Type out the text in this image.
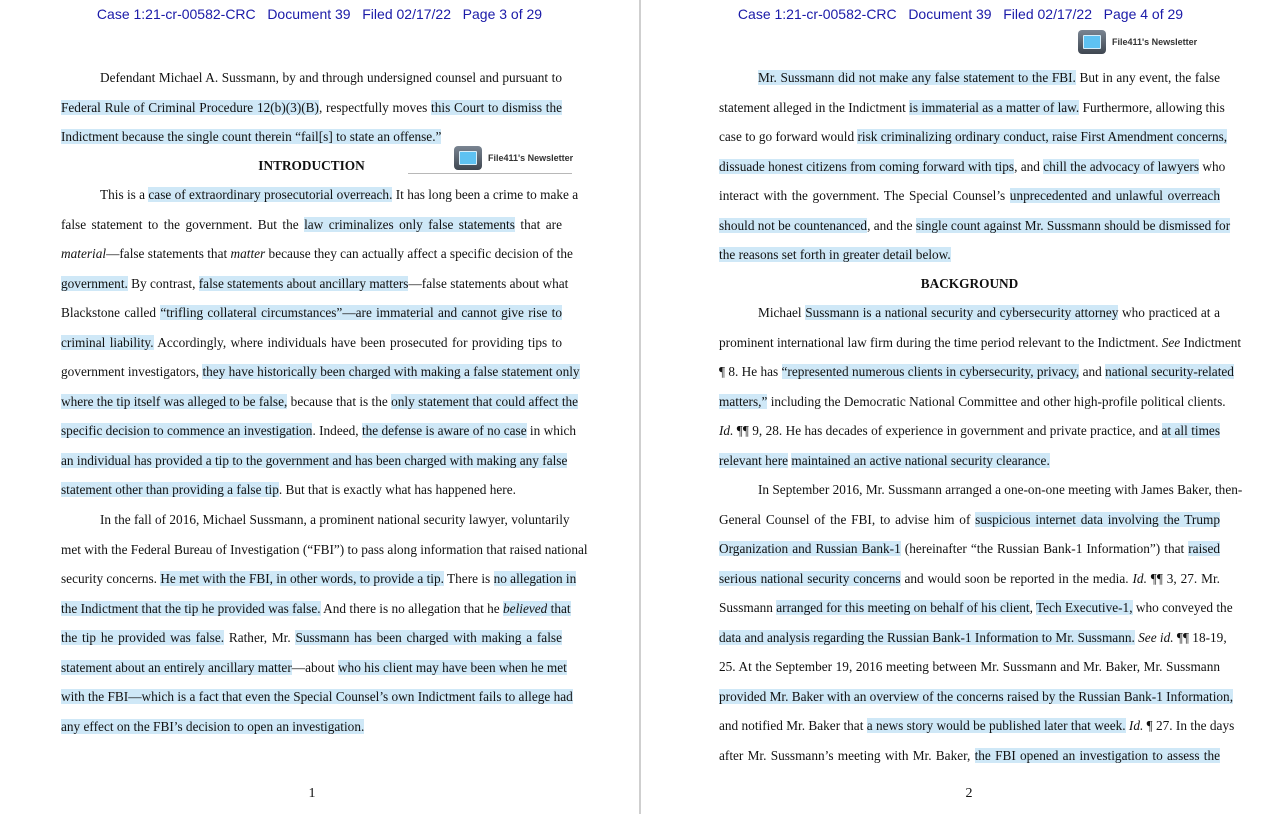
Case 1:21-cr-00582-CRC   Document 39   Filed 02/17/22   Page 3 of 29
Defendant Michael A. Sussmann, by and through undersigned counsel and pursuant to
Federal Rule of Criminal Procedure 12(b)(3)(B), respectfully moves this Court to dismiss the
Indictment because the single count therein “fail[s] to state an offense.”
This is a case of extraordinary prosecutorial overreach. It has long been a crime to make a
false statement to the government. But the law criminalizes only false statements that are
material—false statements that matter because they can actually affect a specific decision of the
government. By contrast, false statements about ancillary matters—false statements about what
Blackstone called “trifling collateral circumstances”—are immaterial and cannot give rise to
criminal liability. Accordingly, where individuals have been prosecuted for providing tips to
government investigators, they have historically been charged with making a false statement only
where the tip itself was alleged to be false, because that is the only statement that could affect the
specific decision to commence an investigation. Indeed, the defense is aware of no case in which
an individual has provided a tip to the government and has been charged with making any false
statement other than providing a false tip. But that is exactly what has happened here.
In the fall of 2016, Michael Sussmann, a prominent national security lawyer, voluntarily
met with the Federal Bureau of Investigation (“FBI”) to pass along information that raised national
security concerns. He met with the FBI, in other words, to provide a tip. There is no allegation in
the Indictment that the tip he provided was false. And there is no allegation that he believed that
the tip he provided was false. Rather, Mr. Sussmann has been charged with making a false
statement about an entirely ancillary matter—about who his client may have been when he met
with the FBI—which is a fact that even the Special Counsel’s own Indictment fails to allege had
any effect on the FBI’s decision to open an investigation.
INTRODUCTION	File411's Newsletter
1
Case 1:21-cr-00582-CRC   Document 39   Filed 02/17/22   Page 4 of 29
File411's Newsletter
Mr. Sussmann did not make any false statement to the FBI. But in any event, the false
statement alleged in the Indictment is immaterial as a matter of law. Furthermore, allowing this
case to go forward would risk criminalizing ordinary conduct, raise First Amendment concerns,
dissuade honest citizens from coming forward with tips, and chill the advocacy of lawyers who
interact with the government. The Special Counsel’s unprecedented and unlawful overreach
should not be countenanced, and the single count against Mr. Sussmann should be dismissed for
the reasons set forth in greater detail below.
Michael Sussmann is a national security and cybersecurity attorney who practiced at a
prominent international law firm during the time period relevant to the Indictment. See Indictment
¶ 8. He has “represented numerous clients in cybersecurity, privacy, and national security-related
matters,” including the Democratic National Committee and other high-profile political clients.
Id. ¶¶ 9, 28. He has decades of experience in government and private practice, and at all times
relevant here maintained an active national security clearance.
In September 2016, Mr. Sussmann arranged a one-on-one meeting with James Baker, then-
General Counsel of the FBI, to advise him of suspicious internet data involving the Trump
Organization and Russian Bank-1 (hereinafter “the Russian Bank-1 Information”) that raised
serious national security concerns and would soon be reported in the media. Id. ¶¶ 3, 27. Mr.
Sussmann arranged for this meeting on behalf of his client, Tech Executive-1, who conveyed the
data and analysis regarding the Russian Bank-1 Information to Mr. Sussmann. See id. ¶¶ 18-19,
25. At the September 19, 2016 meeting between Mr. Sussmann and Mr. Baker, Mr. Sussmann
provided Mr. Baker with an overview of the concerns raised by the Russian Bank-1 Information,
and notified Mr. Baker that a news story would be published later that week. Id. ¶ 27. In the days
after Mr. Sussmann’s meeting with Mr. Baker, the FBI opened an investigation to assess the
BACKGROUND
2
